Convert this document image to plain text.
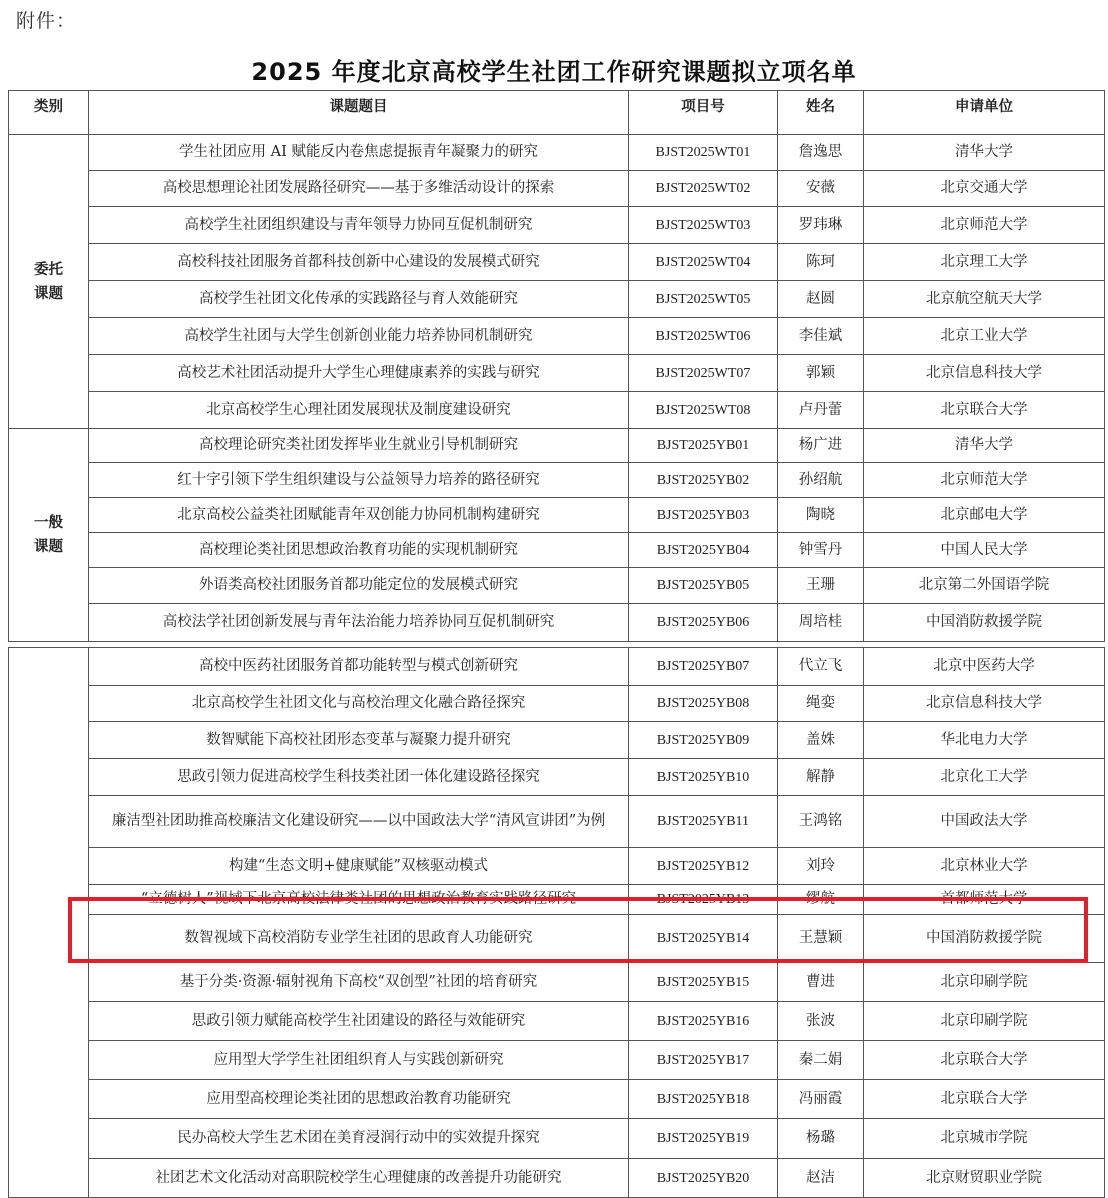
附件：
2025 年度北京高校学生社团工作研究课题拟立项名单
类别	课题题目	项目号	姓名	申请单位
委托
课题	学生社团应用 AI 赋能反内卷焦虑提振青年凝聚力的研究	BJST2025WT01	詹逸思	清华大学
	高校思想理论社团发展路径研究——基于多维活动设计的探索	BJST2025WT02	安薇	北京交通大学
	高校学生社团组织建设与青年领导力协同互促机制研究	BJST2025WT03	罗玮琳	北京师范大学
	高校科技社团服务首都科技创新中心建设的发展模式研究	BJST2025WT04	陈珂	北京理工大学
	高校学生社团文化传承的实践路径与育人效能研究	BJST2025WT05	赵圆	北京航空航天大学
	高校学生社团与大学生创新创业能力培养协同机制研究	BJST2025WT06	李佳斌	北京工业大学
	高校艺术社团活动提升大学生心理健康素养的实践与研究	BJST2025WT07	郭颖	北京信息科技大学
	北京高校学生心理社团发展现状及制度建设研究	BJST2025WT08	卢丹蕾	北京联合大学
一般
课题	高校理论研究类社团发挥毕业生就业引导机制研究	BJST2025YB01	杨广进	清华大学
	红十字引领下学生组织建设与公益领导力培养的路径研究	BJST2025YB02	孙绍航	北京师范大学
	北京高校公益类社团赋能青年双创能力协同机制构建研究	BJST2025YB03	陶晓	北京邮电大学
	高校理论类社团思想政治教育功能的实现机制研究	BJST2025YB04	钟雪丹	中国人民大学
	外语类高校社团服务首都功能定位的发展模式研究	BJST2025YB05	王珊	北京第二外国语学院
	高校法学社团创新发展与青年法治能力培养协同互促机制研究	BJST2025YB06	周培桂	中国消防救援学院

	高校中医药社团服务首都功能转型与模式创新研究	BJST2025YB07	代立飞	北京中医药大学
	北京高校学生社团文化与高校治理文化融合路径探究	BJST2025YB08	绳娈	北京信息科技大学
	数智赋能下高校社团形态变革与凝聚力提升研究	BJST2025YB09	盖姝	华北电力大学
	思政引领力促进高校学生科技类社团一体化建设路径探究	BJST2025YB10	解静	北京化工大学
	廉洁型社团助推高校廉洁文化建设研究——以中国政法大学“清风宣讲团”为例	BJST2025YB11	王鸿铭	中国政法大学
	构建“生态文明+健康赋能”双核驱动模式	BJST2025YB12	刘玲	北京林业大学
	“立德树人”视域下北京高校法律类社团的思想政治教育实践路径研究	BJST2025YB13	缪航	首都师范大学
	数智视域下高校消防专业学生社团的思政育人功能研究	BJST2025YB14	王慧颖	中国消防救援学院
	基于分类·资源·辐射视角下高校“双创型”社团的培育研究	BJST2025YB15	曹进	北京印刷学院
	思政引领力赋能高校学生社团建设的路径与效能研究	BJST2025YB16	张波	北京印刷学院
	应用型大学学生社团组织育人与实践创新研究	BJST2025YB17	秦二娟	北京联合大学
	应用型高校理论类社团的思想政治教育功能研究	BJST2025YB18	冯丽霞	北京联合大学
	民办高校大学生艺术团在美育浸润行动中的实效提升探究	BJST2025YB19	杨璐	北京城市学院
	社团艺术文化活动对高职院校学生心理健康的改善提升功能研究	BJST2025YB20	赵洁	北京财贸职业学院
